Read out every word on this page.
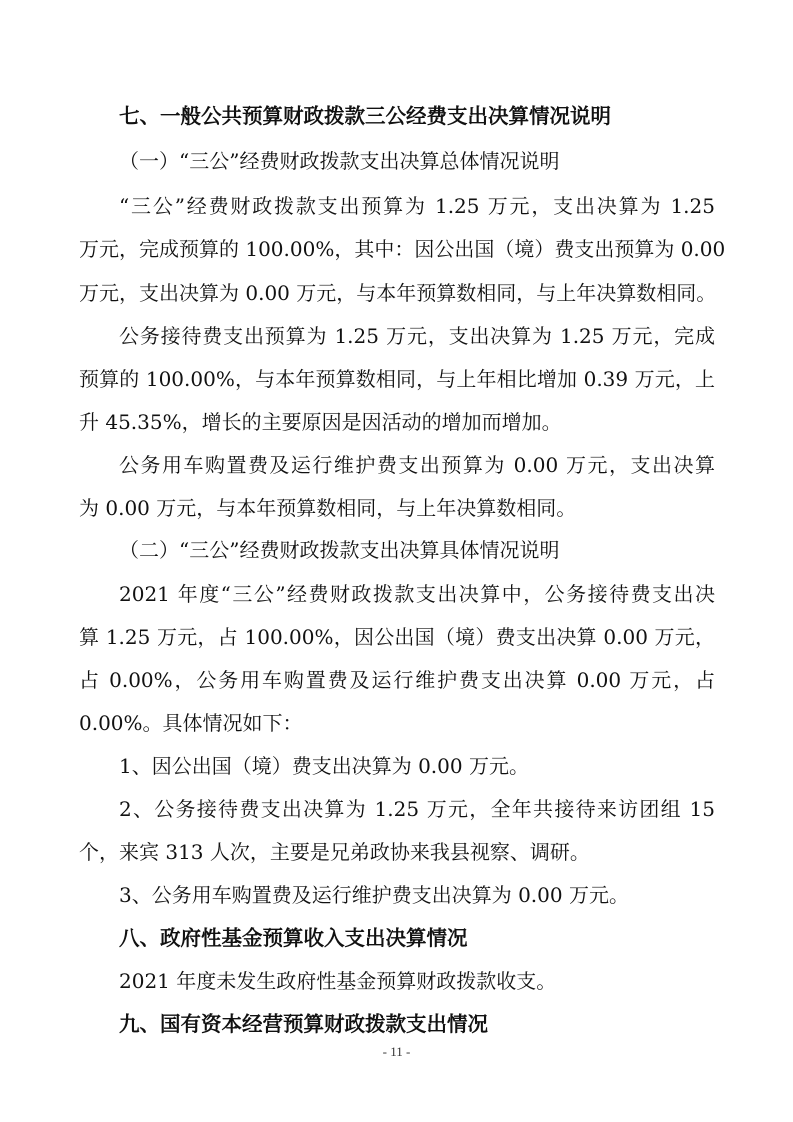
七、一般公共预算财政拨款三公经费支出决算情况说明
（一）“三公”经费财政拨款支出决算总体情况说明
“三公”经费财政拨款支出预算为 1.25 万元，支出决算为 1.25
万元，完成预算的 100.00%，其中：因公出国（境）费支出预算为 0.00
万元，支出决算为 0.00 万元，与本年预算数相同，与上年决算数相同。
公务接待费支出预算为 1.25 万元，支出决算为 1.25 万元，完成
预算的 100.00%，与本年预算数相同，与上年相比增加 0.39 万元，上
升 45.35%，增长的主要原因是因活动的增加而增加。
公务用车购置费及运行维护费支出预算为 0.00 万元，支出决算
为 0.00 万元，与本年预算数相同，与上年决算数相同。
（二）“三公”经费财政拨款支出决算具体情况说明
2021 年度“三公”经费财政拨款支出决算中，公务接待费支出决
算 1.25 万元，占 100.00%，因公出国（境）费支出决算 0.00 万元，
占 0.00%，公务用车购置费及运行维护费支出决算 0.00 万元，占
0.00%。具体情况如下：
1、因公出国（境）费支出决算为 0.00 万元。
2、公务接待费支出决算为 1.25 万元，全年共接待来访团组 15
个，来宾 313 人次，主要是兄弟政协来我县视察、调研。
3、公务用车购置费及运行维护费支出决算为 0.00 万元。
八、政府性基金预算收入支出决算情况
2021 年度未发生政府性基金预算财政拨款收支。
九、国有资本经营预算财政拨款支出情况
- 11 -
